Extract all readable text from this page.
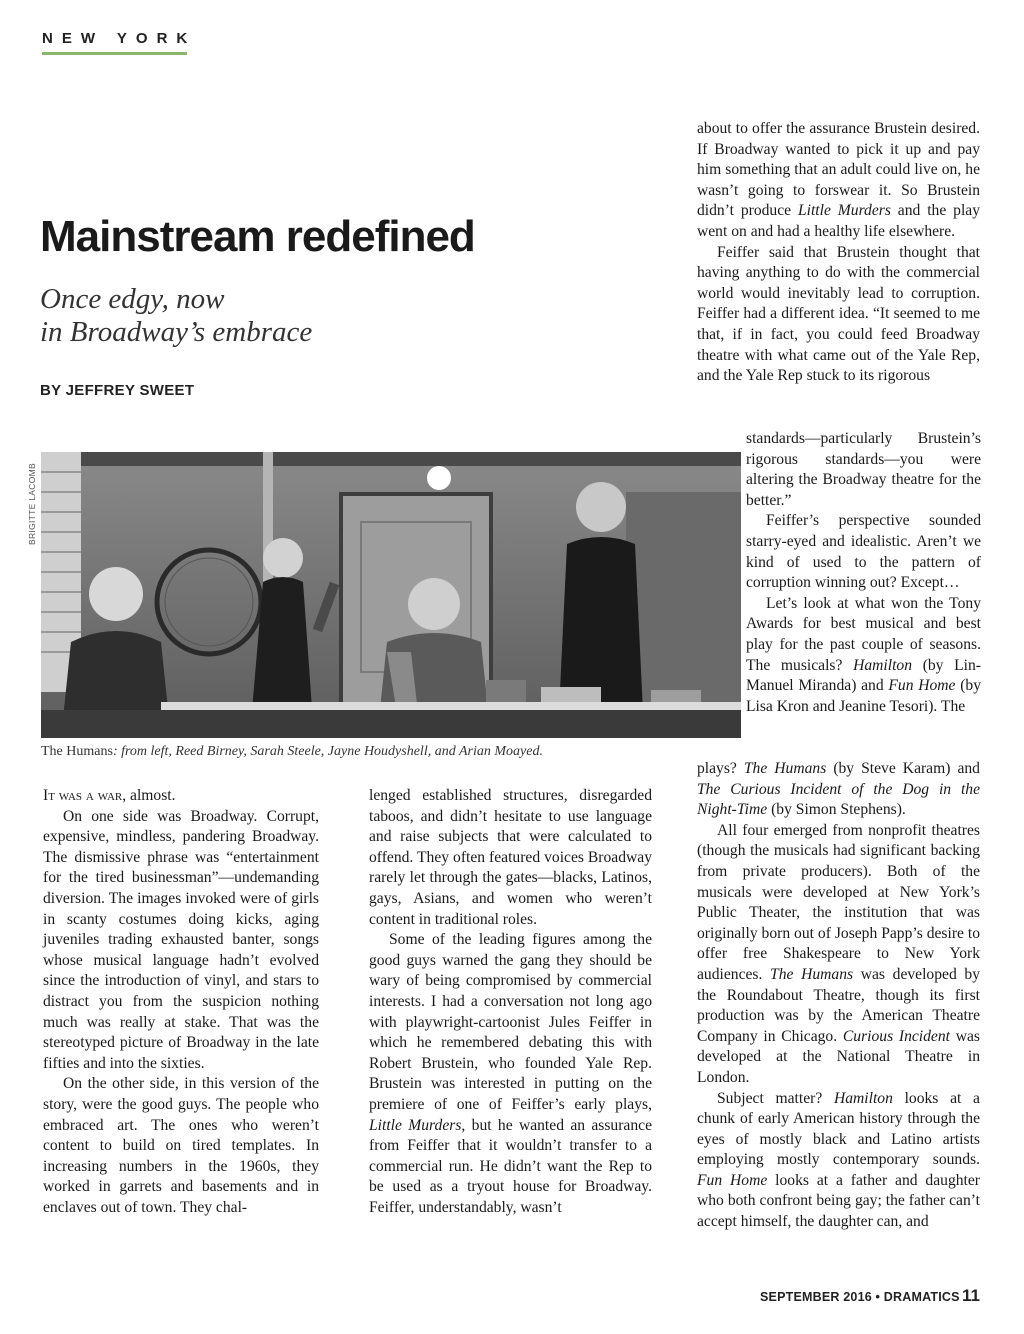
NEW YORK
Mainstream redefined
Once edgy, now
in Broadway’s embrace
BY JEFFREY SWEET
BRIGITTE LACOMB
The Humans: from left, Reed Birney, Sarah Steele, Jayne Houdyshell, and Arian Moayed.

It was a war, almost.

On one side was Broadway. Corrupt, expensive, mindless, pandering Broadway. The dismissive phrase was “entertainment for the tired businessman”—undemanding diversion. The images invoked were of girls in scanty costumes doing kicks, aging juveniles trading exhausted banter, songs whose musical language hadn’t evolved since the introduction of vinyl, and stars to distract you from the suspicion nothing much was really at stake. That was the stereotyped picture of Broadway in the late fifties and into the sixties.

On the other side, in this version of the story, were the good guys. The people who embraced art. The ones who weren’t content to build on tired templates. In increasing numbers in the 1960s, they worked in garrets and basements and in enclaves out of town. They chal-

lenged established structures, disregarded taboos, and didn’t hesitate to use language and raise subjects that were calculated to offend. They often featured voices Broadway rarely let through the gates—blacks, Latinos, gays, Asians, and women who weren’t content in traditional roles.

Some of the leading figures among the good guys warned the gang they should be wary of being compromised by commercial interests. I had a conversation not long ago with playwright-cartoonist Jules Feiffer in which he remembered debating this with Robert Brustein, who founded Yale Rep. Brustein was interested in putting on the premiere of one of Feiffer’s early plays, Little Murders, but he wanted an assurance from Feiffer that it wouldn’t transfer to a commercial run. He didn’t want the Rep to be used as a tryout house for Broadway. Feiffer, understandably, wasn’t

about to offer the assurance Brustein desired. If Broadway wanted to pick it up and pay him something that an adult could live on, he wasn’t going to forswear it. So Brustein didn’t produce Little Murders and the play went on and had a healthy life elsewhere.

Feiffer said that Brustein thought that having anything to do with the commercial world would inevitably lead to corruption. Feiffer had a different idea. “It seemed to me that, if in fact, you could feed Broadway theatre with what came out of the Yale Rep, and the Yale Rep stuck to its rigorous

standards—particularly Brustein’s rigorous standards—you were altering the Broadway theatre for the better.”

Feiffer’s perspective sounded starry-eyed and idealistic. Aren’t we kind of used to the pattern of corruption winning out? Except…

Let’s look at what won the Tony Awards for best musical and best play for the past couple of seasons. The musicals? Hamilton (by Lin-Manuel Miranda) and Fun Home (by Lisa Kron and Jeanine Tesori). The

plays? The Humans (by Steve Karam) and The Curious Incident of the Dog in the Night-Time (by Simon Stephens).

All four emerged from nonprofit theatres (though the musicals had significant backing from private producers). Both of the musicals were developed at New York’s Public Theater, the institution that was originally born out of Joseph Papp’s desire to offer free Shakespeare to New York audiences. The Humans was developed by the Roundabout Theatre, though its first production was by the American Theatre Company in Chicago. Curious Incident was developed at the National Theatre in London.

Subject matter? Hamilton looks at a chunk of early American history through the eyes of mostly black and Latino artists employing mostly contemporary sounds. Fun Home looks at a father and daughter who both confront being gay; the father can’t accept himself, the daughter can, and

SEPTEMBER 2016 • DRAMATICS 11
